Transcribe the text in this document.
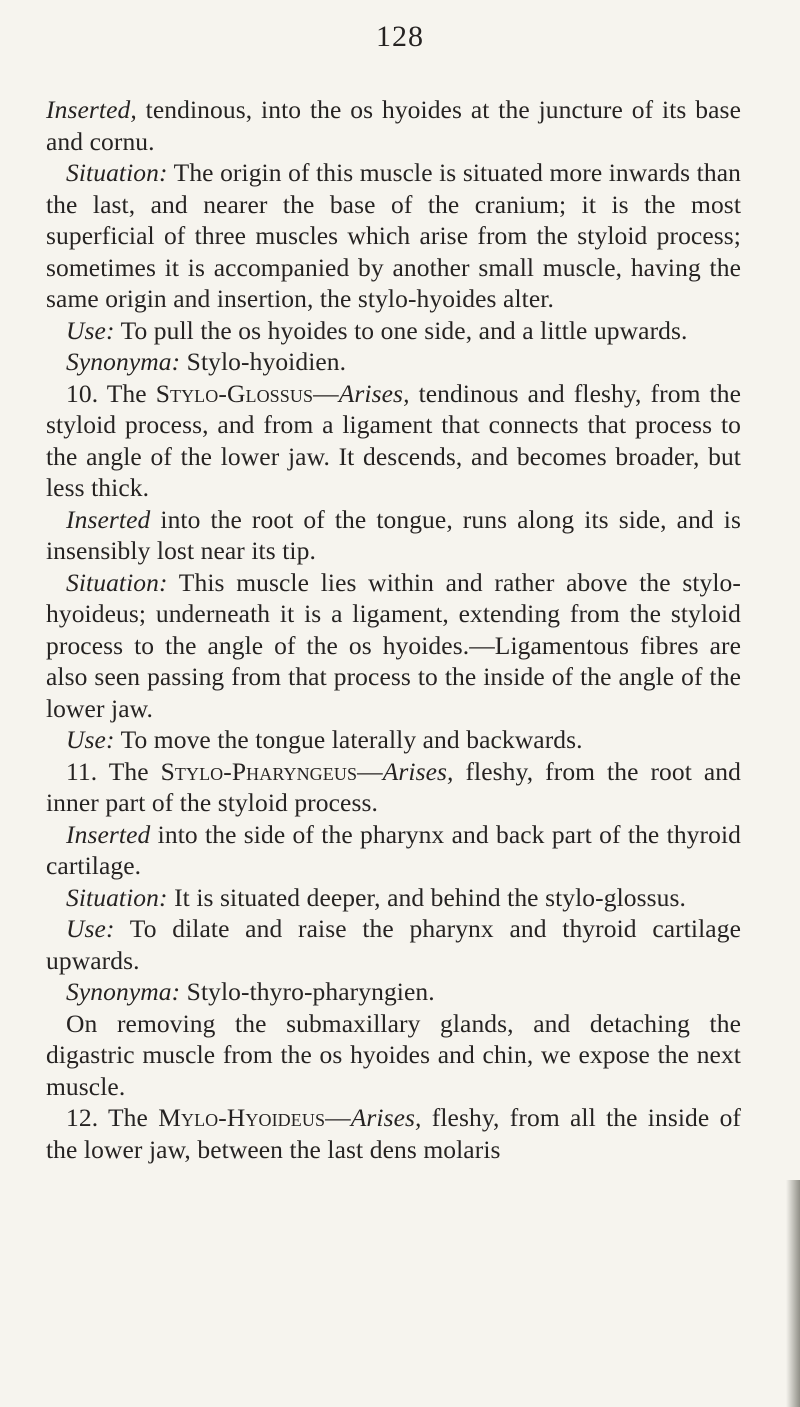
128

Inserted, tendinous, into the os hyoides at the juncture of its base and cornu.

Situation: The origin of this muscle is situated more inwards than the last, and nearer the base of the cranium; it is the most superficial of three muscles which arise from the styloid process; sometimes it is accompanied by another small muscle, having the same origin and insertion, the stylo-hyoides alter.

Use: To pull the os hyoides to one side, and a little upwards.

Synonyma: Stylo-hyoidien.

10. The Stylo-Glossus—Arises, tendinous and fleshy, from the styloid process, and from a ligament that connects that process to the angle of the lower jaw. It descends, and becomes broader, but less thick.

Inserted into the root of the tongue, runs along its side, and is insensibly lost near its tip.

Situation: This muscle lies within and rather above the stylo-hyoideus; underneath it is a ligament, extending from the styloid process to the angle of the os hyoides.—Ligamentous fibres are also seen passing from that process to the inside of the angle of the lower jaw.

Use: To move the tongue laterally and backwards.

11. The Stylo-Pharyngeus—Arises, fleshy, from the root and inner part of the styloid process.

Inserted into the side of the pharynx and back part of the thyroid cartilage.

Situation: It is situated deeper, and behind the stylo-glossus.

Use: To dilate and raise the pharynx and thyroid cartilage upwards.

Synonyma: Stylo-thyro-pharyngien.

On removing the submaxillary glands, and detaching the digastric muscle from the os hyoides and chin, we expose the next muscle.

12. The Mylo-Hyoideus—Arises, fleshy, from all the inside of the lower jaw, between the last dens molaris
